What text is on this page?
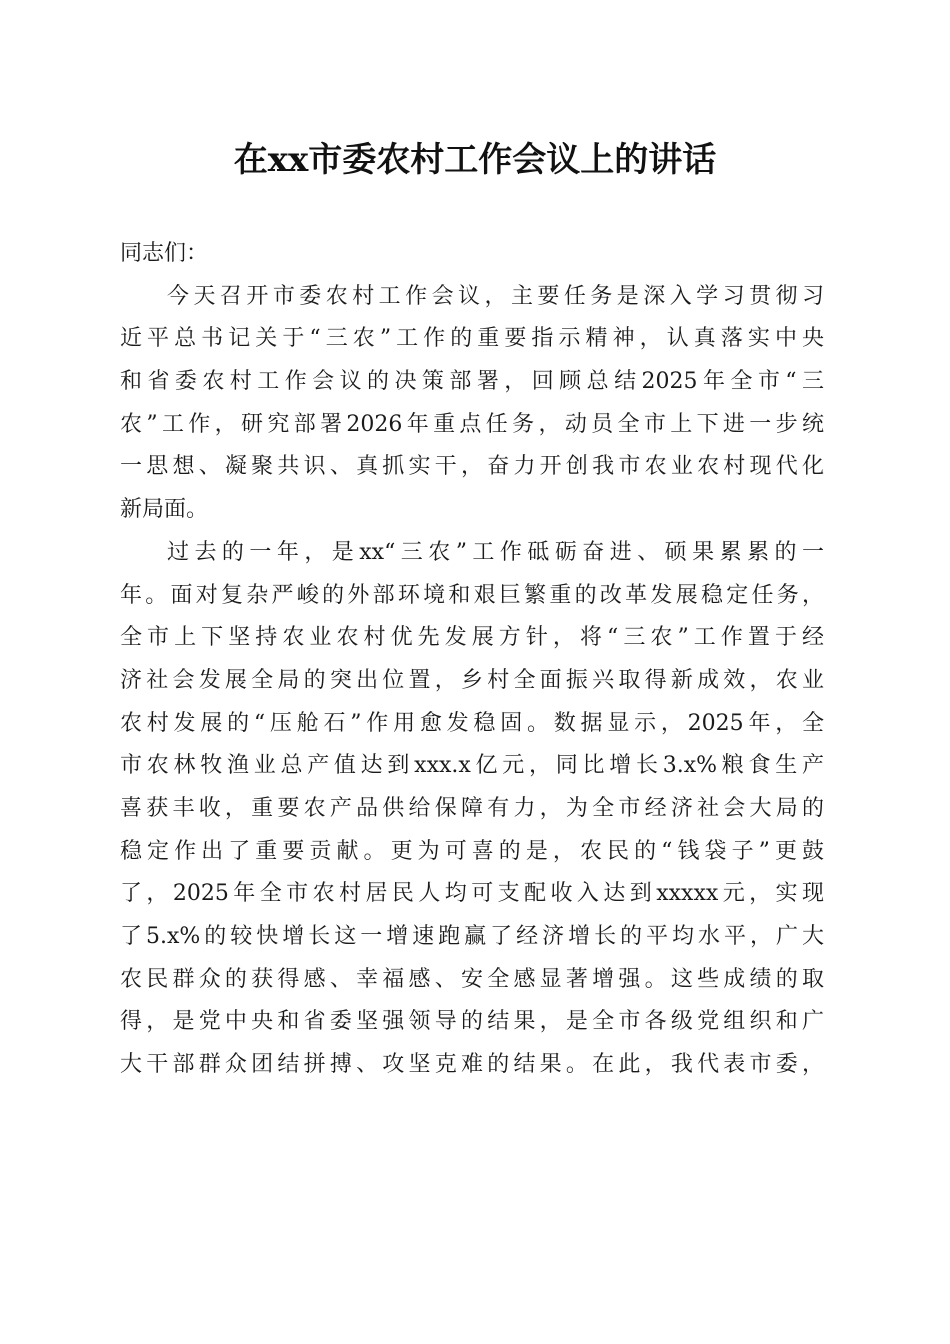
在xx市委农村工作会议上的讲话
同志们：
今天召开市委农村工作会议，主要任务是深入学习贯彻习
近平总书记关于“三农”工作的重要指示精神，认真落实中央
和省委农村工作会议的决策部署，回顾总结2025年全市“三
农”工作，研究部署2026年重点任务，动员全市上下进一步统
一思想、凝聚共识、真抓实干，奋力开创我市农业农村现代化
新局面。
过去的一年，是xx“三农”工作砥砺奋进、硕果累累的一
年。面对复杂严峻的外部环境和艰巨繁重的改革发展稳定任务，
全市上下坚持农业农村优先发展方针，将“三农”工作置于经
济社会发展全局的突出位置，乡村全面振兴取得新成效，农业
农村发展的“压舱石”作用愈发稳固。数据显示，2025年，全
市农林牧渔业总产值达到xxx.x亿元，同比增长3.x%粮食生产
喜获丰收，重要农产品供给保障有力，为全市经济社会大局的
稳定作出了重要贡献。更为可喜的是，农民的“钱袋子”更鼓
了，2025年全市农村居民人均可支配收入达到xxxxx元，实现
了5.x%的较快增长这一增速跑赢了经济增长的平均水平，广大
农民群众的获得感、幸福感、安全感显著增强。这些成绩的取
得，是党中央和省委坚强领导的结果，是全市各级党组织和广
大干部群众团结拼搏、攻坚克难的结果。在此，我代表市委，
